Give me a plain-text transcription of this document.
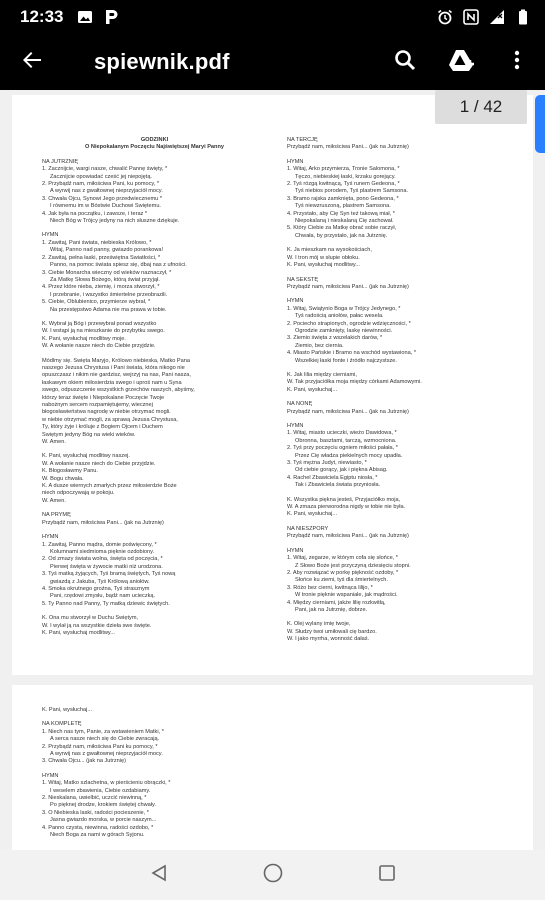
12:33
spiewnik.pdf
GODZINKI
O Niepokalanym Poczęciu Najświętszej Maryi Panny
NA JUTRZNIĘ
1. Zacznijcie, wargi nasze, chwalić Pannę święty, *
Zacznijcie opowiadać cześć jej niepojętą.
2. Przybądź nam, miłościwa Pani, ku pomocy, *
A wyrwij nas z gwałtownej nieprzyjaciół mocy.
3. Chwała Ojcu, Synowi Jego przedwiecznemu *
I równemu im w Bóstwie Duchowi Świętemu.
4. Jak była na początku, i zawsze, i teraz *
Niech Bóg w Trójcy jedyny na nich słuszne dziękuje.
HYMN
1. Zawitaj, Pani świata, niebieska Królowo, *
Witaj, Panno nad panny, gwiazdo porankowa!
2. Zawitaj, pełna łaski, przeświętna Światłości, *
Panno, na pomoc świata spiesz się, dbaj nas z ufności.
3. Ciebie Monarcha wieczny od wieków naznaczył, *
Za Matkę Słowa Bożego, którą świat przyjął.
4. Przez które nieba, ziemię, i morza stworzył, *
I przebranie, i wszystko śmiertelne przeobrazili.
5. Ciebie, Oblubienico, przymierze wybrał, *
Na przestępstwo Adama nie ma prawa w tobie.
K. Wybrał ją Bóg i przewybrał ponad wszystko
W. I wstąpi ją na mieszkanie do przybytku swego.
K. Pani, wysłuchaj modlitwy moje.
W. A wołanie nasze niech do Ciebie przyjdzie.
Módlmy się. Święta Maryjo, Królowo niebieska, Matko Pana
naszego Jezusa Chrystusa i Pani świata, która nikogo nie
opuszczasz i nikim nie gardzisz, wejrzyj na nas, Pani nasza,
łaskawym okiem miłosierdzia swego i uproś nam u Syna
swego, odpuszczenie wszystkich grzechów naszych, abyśmy,
którzy teraz święte i Niepokalane Poczęcie Twoje
nabożnym sercem rozpamiętujemy, wiecznej
błogosławieństwa nagrodę w niebie otrzymać mogli.
w niebie otrzymać mogli, za sprawą Jezusa Chrystusa,
Ty, który żyje i króluje z Bogiem Ojcem i Duchem
Świętym jedyny Bóg na wieki wieków.
W. Amen.
K. Pani, wysłuchaj modlitwy naszej.
W. A wołanie nasze niech do Ciebie przyjdzie.
K. Błogosławmy Panu.
W. Bogu chwała.
K. A dusze wiernych zmarłych przez miłosierdzie Boże
niech odpoczywają w pokoju.
W. Amen.
NA PRYMĘ
Przybądź nam, miłościwa Pani... (jak na Jutrznię)
HYMN
1. Zawitaj, Panno mądra, domie poświęcony, *
Kolumnami siedmioma pięknie ozdobiony.
2. Od zmazy świata wolna, święta od poczęcia, *
Pierwej święta w żywocie matki niż urodzona.
3. Tyś matką żyjących, Tyś bramą świętych, Tyś nową
gwiazdą z Jakuba, Tyś Królową aniołów.
4. Smoka okrutnego groźna, Tyś strasznym
Pani, rzędowi zmysłu, bądź nam ucieczką.
5. Ty Panno nad Panny, Ty matką dziewic świętych.
K. Ona mu stworzył w Duchu Świętym,
W. I wylał ją na wszystkie dzieła swe święte.
K. Pani, wysłuchaj modlitwy...
NA TERCJĘ
Przybądź nam, miłościwa Pani... (jak na Jutrznię)
HYMN
1. Witaj, Arko przymierza, Tronie Salomona, *
Tęczo, niebieskiej łaski, krzaku gorejący.
2. Tyś rózgą kwitnącą, Tyś runem Gedeona, *
Tyś niebios porodem, Tyś plastrem Samsona.
3. Bramo rajska zamknięta, pono Gedeona, *
Tyś niewzruszoną, plastrem Samsona.
4. Przystało, aby Cię Syn też takową miał, *
Niepokalaną i nieskalaną Cię zachował.
5. Który Ciebie za Matkę obrać sobie raczył,
Chwała, by przystało, jak na Jutrznię.
K. Ja mieszkam na wysokościach,
W. I tron mój w słupie obłoku.
K. Pani, wysłuchaj modlitwy...
NA SEKSTĘ
Przybądź nam, miłościwa Pani... (jak na Jutrznię)
HYMN
1. Witaj, Świątynio Boga w Trójcy Jedynego, *
Tyś radością aniołów, pałac wesela.
2. Pociecho strapionych, ogrodzie wdzięczności, *
Ogrodzie zamknięty, laskę niewinności.
3. Ziemio święta z wszelakich darów, *
Ziemio, bez ciernia.
4. Miasto Pańskie i Bramo na wschód wystawiona, *
Wszelkiej łaski fonte i źródło najczystsze.
K. Jak lilia między cierniami,
W. Tak przyjaciółka moja między córkami Adamowymi.
K. Pani, wysłuchaj...
NA NONĘ
Przybądź nam, miłościwa Pani... (jak na Jutrznię)
HYMN
1. Witaj, miasto ucieczki, wieżo Dawidowa, *
Obronna, basztami, tarczą, wzmocniona.
2. Tyś przy poczęciu ogniem miłości pałała, *
Przez Cię władza piekielnych mocy upadła.
3. Tyś mężna Judyt, niewiasto, *
Od ciebie gorący, jak i piękna Abisag.
4. Rachel Zbawiciela Egiptu niosła, *
Tak i Zbawiciela świata przyniosła.
K. Wszystka piękna jesteś, Przyjaciółko moja,
W. A zmaza pierworodna nigdy w tobie nie była.
K. Pani, wysłuchaj...
NA NIESZPORY
Przybądź nam, miłościwa Pani... (jak na Jutrznię)
HYMN
1. Witaj, zegarze, w którym cofa się słońce, *
Z Słowo Boże jest przyczyną dziesięciu stopni.
2. Aby rozwiązać w porkę piękność ozdoby, *
Słońce ku ziemi, tyś dla śmiertelnych.
3. Różo bez cierni, kwitnąca lilijo, *
W tronie pięknie wspaniale, jak mądrości.
4. Między cierniami, jakże lilię rozkwitłą,
Pani, jak na Jutrznię, dobrze.
K. Olej wylany imię twoje,
W. Słudzy twoi umiłowali cię bardzo.
W. I jako myrrha, wonność dałaś.
K. Pani, wysłuchaj...
NA KOMPLETĘ
1. Niech nas tym, Panie, za wstawieniem Matki, *
A serca nasze niech się do Ciebie zwracają.
2. Przybądź nam, miłościwa Pani ku pomocy, *
A wyrwij nas z gwałtownej nieprzyjaciół mocy.
3. Chwała Ojcu... (jak na Jutrznię)
HYMN
1. Witaj, Matko szlachetna, w pierścieniu obrączki, *
I weselem zbawienia, Ciebie ozdabiamy.
2. Nieskalana, uwielbić, uczcić niewinną, *
Po pięknej drodze, krokiem świętej chwały.
3. O Niebieska laski, radości pocieszenie, *
Jasna gwiazdo morska, w porcie naszym...
4. Panno czysta, niewinna, radości ozdobo, *
Niech Boga za nami w górach Syjonu.
1 / 42
